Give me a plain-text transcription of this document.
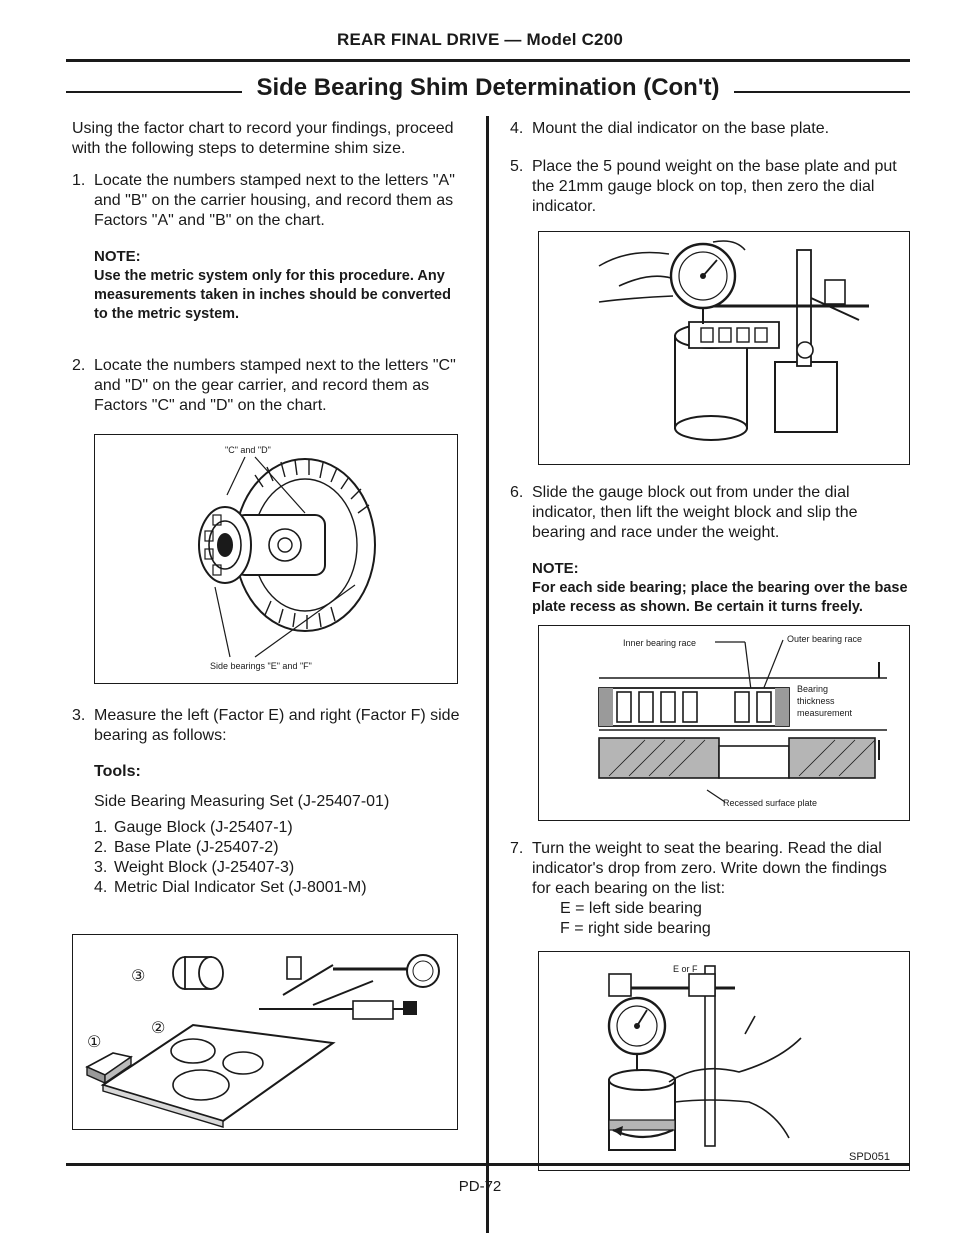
REAR FINAL DRIVE — Model C200
Side Bearing Shim Determination (Con't)

Using the factor chart to record your findings, proceed with the following steps to determine shim size.

1. Locate the numbers stamped next to the letters "A" and "B" on the carrier housing, and record them as Factors "A" and "B" on the chart.

NOTE:
Use the metric system only for this procedure. Any measurements taken in inches should be converted to the metric system.
2. Locate the numbers stamped next to the letters "C" and "D" on the gear carrier, and record them as Factors "C" and "D" on the chart.

"C" and "D"
Side bearings "E" and "F"
3. Measure the left (Factor E) and right (Factor F) side bearing as follows:

Tools:
Side Bearing Measuring Set (J-25407-01)
1. Gauge Block (J-25407-1)
2. Base Plate (J-25407-2)
3. Weight Block (J-25407-3)
4. Metric Dial Indicator Set (J-8001-M)
③
①
②
4. Mount the dial indicator on the base plate.

5. Place the 5 pound weight on the base plate and put the 21mm gauge block on top, then zero the dial indicator.

6. Slide the gauge block out from under the dial indicator, then lift the weight block and slip the bearing and race under the weight.

NOTE:
For each side bearing; place the bearing over the base plate recess as shown. Be certain it turns freely.
Inner bearing race	Outer bearing race
Bearing
thickness
measurement
Recessed surface plate
7. Turn the weight to seat the bearing. Read the dial indicator's drop from zero. Write down the findings for each bearing on the list:

E = left side bearing
F = right side bearing
E or F
SPD051
PD-72
